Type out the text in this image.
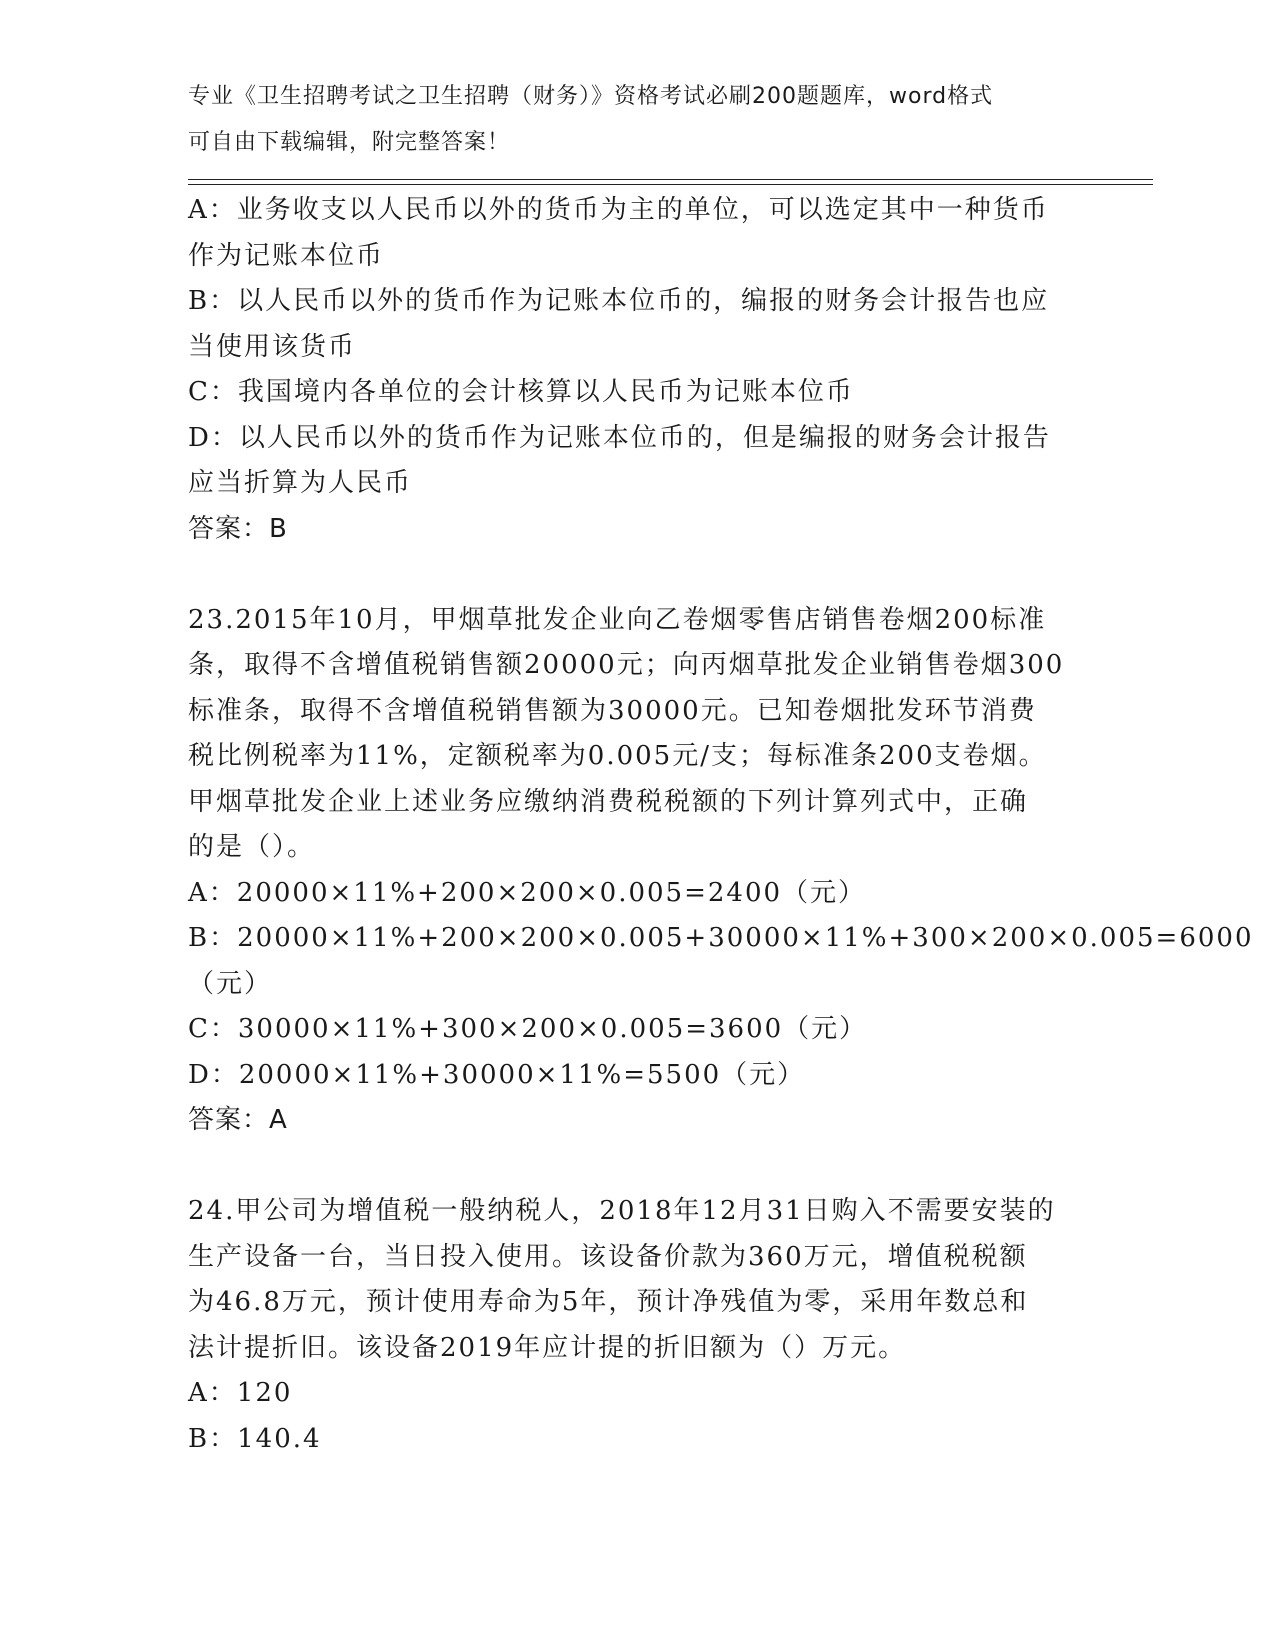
专业《卫生招聘考试之卫生招聘（财务）》资格考试必刷200题题库，word格式
可自由下载编辑，附完整答案！
A：业务收支以人民币以外的货币为主的单位，可以选定其中一种货币
作为记账本位币
B：以人民币以外的货币作为记账本位币的，编报的财务会计报告也应
当使用该货币
C：我国境内各单位的会计核算以人民币为记账本位币
D：以人民币以外的货币作为记账本位币的，但是编报的财务会计报告
应当折算为人民币
答案：B
23.2015年10月，甲烟草批发企业向乙卷烟零售店销售卷烟200标准
条，取得不含增值税销售额20000元；向丙烟草批发企业销售卷烟300
标准条，取得不含增值税销售额为30000元。已知卷烟批发环节消费
税比例税率为11%，定额税率为0.005元/支；每标准条200支卷烟。
甲烟草批发企业上述业务应缴纳消费税税额的下列计算列式中，正确
的是（）。
A：20000×11%+200×200×0.005=2400（元）
B：20000×11%+200×200×0.005+30000×11%+300×200×0.005=6000
（元）
C：30000×11%+300×200×0.005=3600（元）
D：20000×11%+30000×11%=5500（元）
答案：A
24.甲公司为增值税一般纳税人，2018年12月31日购入不需要安装的
生产设备一台，当日投入使用。该设备价款为360万元，增值税税额
为46.8万元，预计使用寿命为5年，预计净残值为零，采用年数总和
法计提折旧。该设备2019年应计提的折旧额为（）万元。
A：120
B：140.4
